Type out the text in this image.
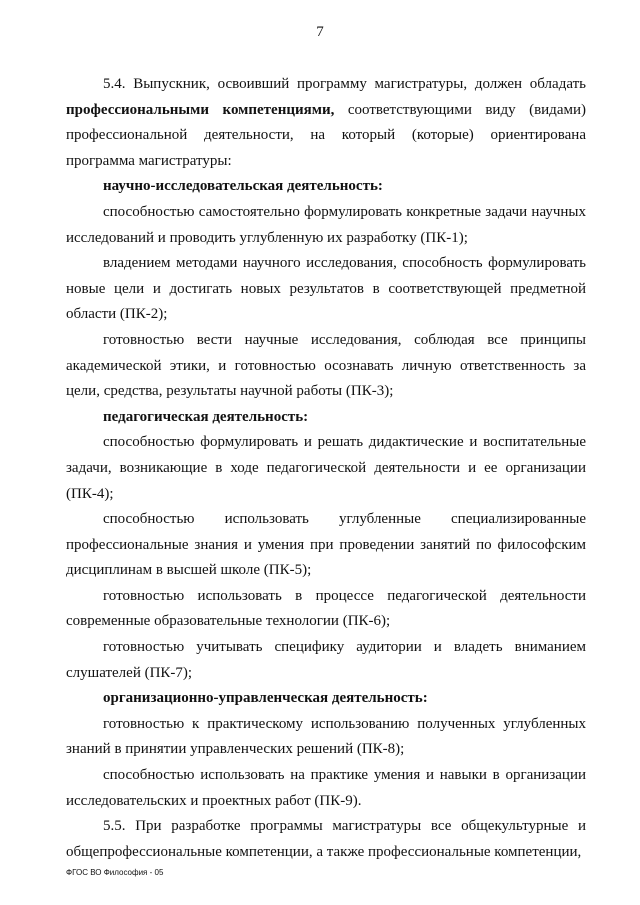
7

5.4. Выпускник, освоивший программу магистратуры, должен обладать профессиональными компетенциями, соответствующими виду (видами) профессиональной деятельности, на который (которые) ориентирована программа магистратуры:

научно-исследовательская деятельность:

способностью самостоятельно формулировать конкретные задачи научных исследований и проводить углубленную их разработку (ПК-1);

владением методами научного исследования, способность формулировать новые цели и достигать новых результатов в соответствующей предметной области (ПК-2);

готовностью вести научные исследования, соблюдая все принципы академической этики, и готовностью осознавать личную ответственность за цели, средства, результаты научной работы (ПК-3);

педагогическая деятельность:

способностью формулировать и решать дидактические и воспитательные задачи, возникающие в ходе педагогической деятельности и ее организации (ПК-4);

способностью использовать углубленные специализированные профессиональные знания и умения при проведении занятий по философским дисциплинам в высшей школе (ПК-5);

готовностью использовать в процессе педагогической деятельности современные образовательные технологии (ПК-6);

готовностью учитывать специфику аудитории и владеть вниманием слушателей (ПК-7);

организационно-управленческая деятельность:

готовностью к практическому использованию полученных углубленных знаний в принятии управленческих решений (ПК-8);

способностью использовать на практике умения и навыки в организации исследовательских и проектных работ (ПК-9).

5.5. При разработке программы магистратуры все общекультурные и общепрофессиональные компетенции, а также профессиональные компетенции,

ФГОС ВО Философия - 05
